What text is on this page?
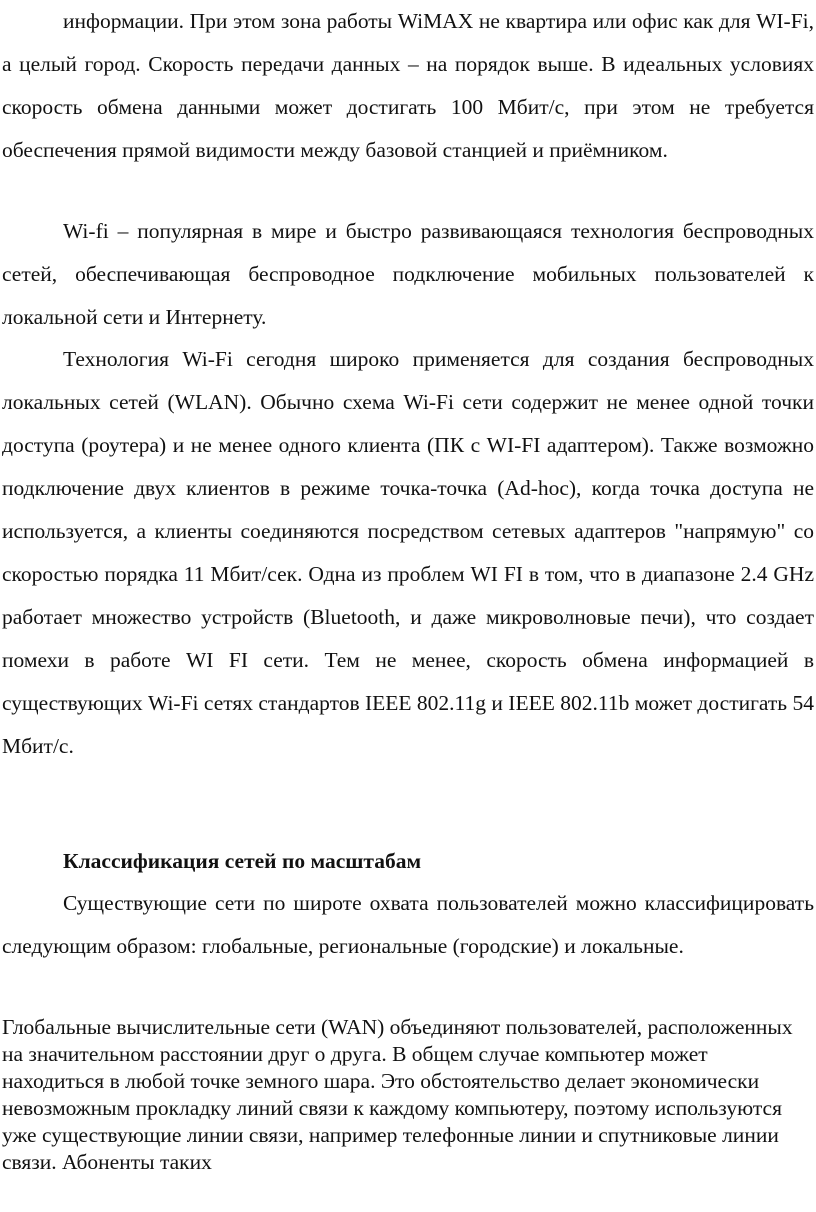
информации. При этом зона работы WiMAX не квартира или офис как для WI-Fi, а целый город. Скорость передачи данных – на порядок выше. В идеальных условиях скорость обмена данными может достигать 100 Мбит/с, при этом не требуется обеспечения прямой видимости между базовой станцией и приёмником.

Wi-fi – популярная в мире и быстро развивающаяся технология беспроводных сетей, обеспечивающая беспроводное подключение мобильных пользователей к локальной сети и Интернету.

Технология Wi-Fi сегодня широко применяется для создания беспроводных локальных сетей (WLAN). Обычно схема Wi-Fi сети содержит не менее одной точки доступа (роутера) и не менее одного клиента (ПК с WI-FI адаптером). Также возможно подключение двух клиентов в режиме точка-точка (Ad-hoc), когда точка доступа не используется, а клиенты соединяются посредством сетевых адаптеров "напрямую" со скоростью порядка 11 Мбит/сек. Одна из проблем WI FI в том, что в диапазоне 2.4 GHz работает множество устройств (Bluetooth, и даже микроволновые печи), что создает помехи в работе WI FI сети. Тем не менее, скорость обмена информацией в существующих Wi-Fi сетях стандартов IEEE 802.11g и IEEE 802.11b может достигать 54 Мбит/с.

Классификация сетей по масштабам

Существующие сети по широте охвата пользователей можно классифицировать следующим образом: глобальные, региональные (городские) и локальные.

Глобальные вычислительные сети (WAN) объединяют пользователей, расположенных на значительном расстоянии друг о друга. В общем случае компьютер может находиться в любой точке земного шара. Это обстоятельство делает экономически невозможным прокладку линий связи к каждому компьютеру, поэтому используются уже существующие линии связи, например телефонные линии и спутниковые линии связи. Абоненты таких
